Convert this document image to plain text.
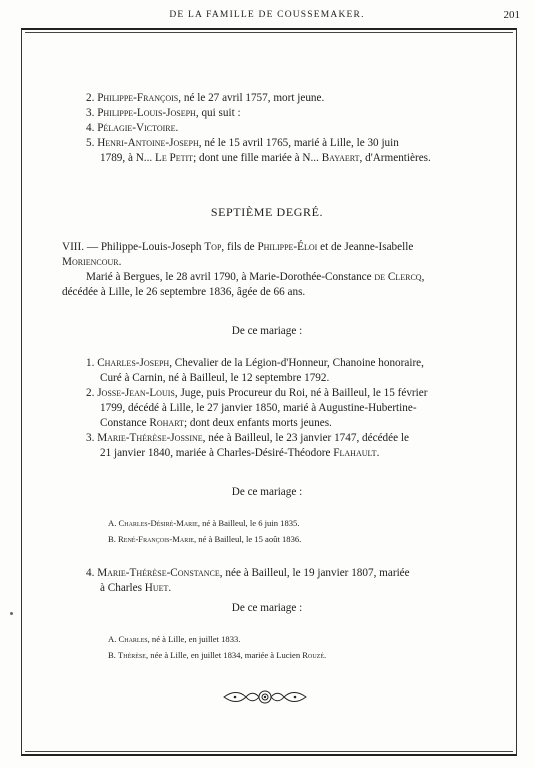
DE LA FAMILLE DE COUSSEMAKER.	201
2. Philippe-François, né le 27 avril 1757, mort jeune.
3. Philippe-Louis-Joseph, qui suit :
4. Pélagie-Victoire.
5. Henri-Antoine-Joseph, né le 15 avril 1765, marié à Lille, le 30 juin
1789, à N... Le Petit; dont une fille mariée à N... Bayaert, d'Armentières.
SEPTIÈME DEGRÉ.
VIII. — Philippe-Louis-Joseph Top, fils de Philippe-Éloi et de Jeanne-Isabelle
Moriencour.
Marié à Bergues, le 28 avril 1790, à Marie-Dorothée-Constance de Clercq,
décédée à Lille, le 26 septembre 1836, âgée de 66 ans.
De ce mariage :
1. Charles-Joseph, Chevalier de la Légion-d'Honneur, Chanoine honoraire,
Curé à Carnin, né à Bailleul, le 12 septembre 1792.
2. Josse-Jean-Louis, Juge, puis Procureur du Roi, né à Bailleul, le 15 février
1799, décédé à Lille, le 27 janvier 1850, marié à Augustine-Hubertine-
Constance Rohart; dont deux enfants morts jeunes.
3. Marie-Thérèse-Jossine, née à Bailleul, le 23 janvier 1747, décédée le
21 janvier 1840, mariée à Charles-Désiré-Théodore Flahault.
De ce mariage :
A. Charles-Désiré-Marie, né à Bailleul, le 6 juin 1835.
B. René-François-Marie, né à Bailleul, le 15 août 1836.
4. Marie-Thérèse-Constance, née à Bailleul, le 19 janvier 1807, mariée
à Charles Huet.
De ce mariage :
A. Charles, né à Lille, en juillet 1833.
B. Thérèse, née à Lille, en juillet 1834, mariée à Lucien Rouzé.
